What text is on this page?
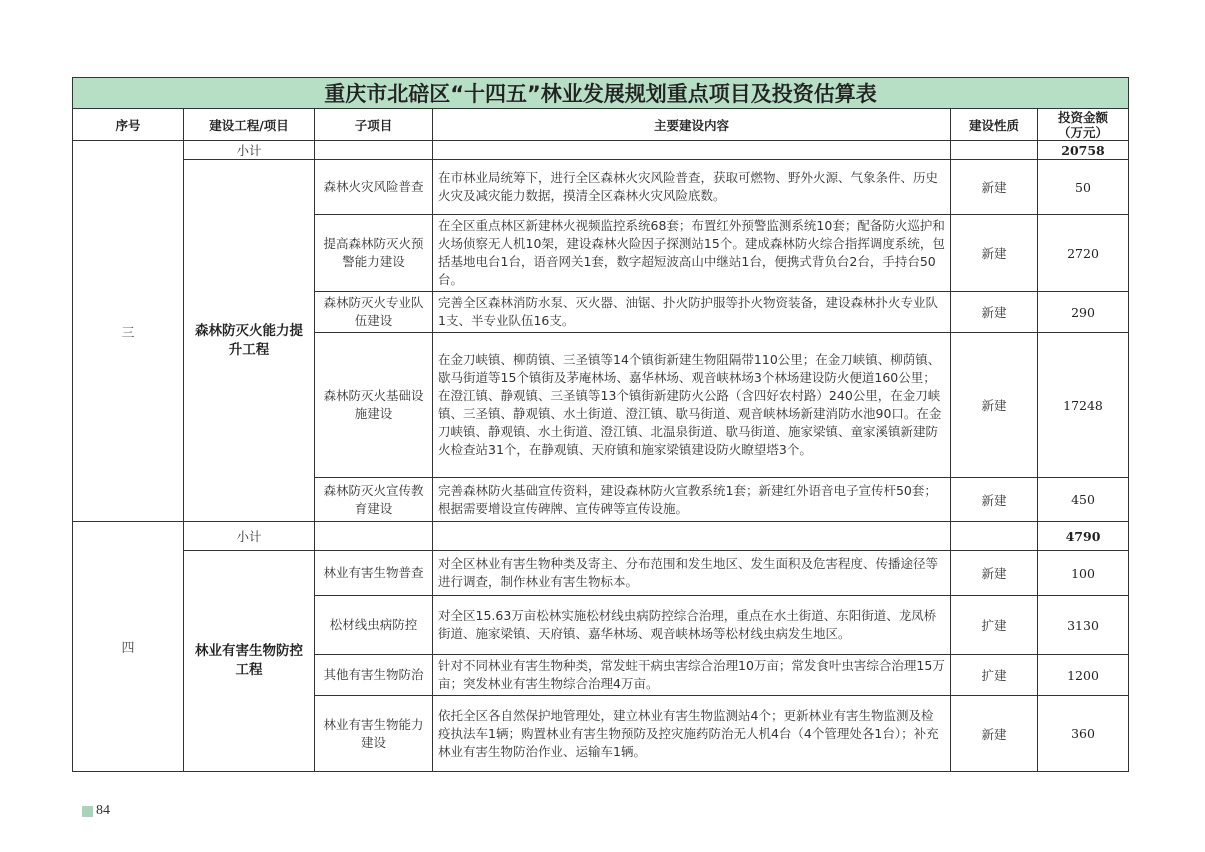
重庆市北碚区“十四五”林业发展规划重点项目及投资估算表					
序号	建设工程/项目	子项目	主要建设内容	建设性质	投资金额（万元）
三	小计				20758
	森林防灭火能力提升工程	森林火灾风险普查	在市林业局统筹下，进行全区森林火灾风险普查，获取可燃物、野外火源、气象条件、历史火灾及减灾能力数据，摸清全区森林火灾风险底数。	新建	50
		提高森林防灭火预警能力建设	在全区重点林区新建林火视频监控系统68套；布置红外预警监测系统10套；配备防火巡护和火场侦察无人机10架，建设森林火险因子探测站15个。建成森林防火综合指挥调度系统，包括基地电台1台，语音网关1套，数字超短波高山中继站1台，便携式背负台2台，手持台50台。	新建	2720
		森林防灭火专业队伍建设	完善全区森林消防水泵、灭火器、油锯、扑火防护服等扑火物资装备，建设森林扑火专业队1支、半专业队伍16支。	新建	290
		森林防灭火基础设施建设	在金刀峡镇、柳荫镇、三圣镇等14个镇街新建生物阻隔带110公里；在金刀峡镇、柳荫镇、歇马街道等15个镇街及茅庵林场、嘉华林场、观音峡林场3个林场建设防火便道160公里；在澄江镇、静观镇、三圣镇等13个镇街新建防火公路（含四好农村路）240公里，在金刀峡镇、三圣镇、静观镇、水土街道、澄江镇、歇马街道、观音峡林场新建消防水池90口。在金刀峡镇、静观镇、水土街道、澄江镇、北温泉街道、歇马街道、施家梁镇、童家溪镇新建防火检查站31个，在静观镇、天府镇和施家梁镇建设防火瞭望塔3个。	新建	17248
		森林防灭火宣传教育建设	完善森林防火基础宣传资料，建设森林防火宣教系统1套；新建红外语音电子宣传杆50套；根据需要增设宣传碑牌、宣传碑等宣传设施。	新建	450
四	小计				4790
	林业有害生物防控工程	林业有害生物普查	对全区林业有害生物种类及寄主、分布范围和发生地区、发生面积及危害程度、传播途径等进行调查，制作林业有害生物标本。	新建	100
		松材线虫病防控	对全区15.63万亩松林实施松材线虫病防控综合治理，重点在水土街道、东阳街道、龙凤桥街道、施家梁镇、天府镇、嘉华林场、观音峡林场等松材线虫病发生地区。	扩建	3130
		其他有害生物防治	针对不同林业有害生物种类，常发蛀干病虫害综合治理10万亩；常发食叶虫害综合治理15万亩；突发林业有害生物综合治理4万亩。	扩建	1200
		林业有害生物能力建设	依托全区各自然保护地管理处，建立林业有害生物监测站4个；更新林业有害生物监测及检疫执法车1辆；购置林业有害生物预防及控灾施药防治无人机4台（4个管理处各1台）；补充林业有害生物防治作业、运输车1辆。	新建	360
84
